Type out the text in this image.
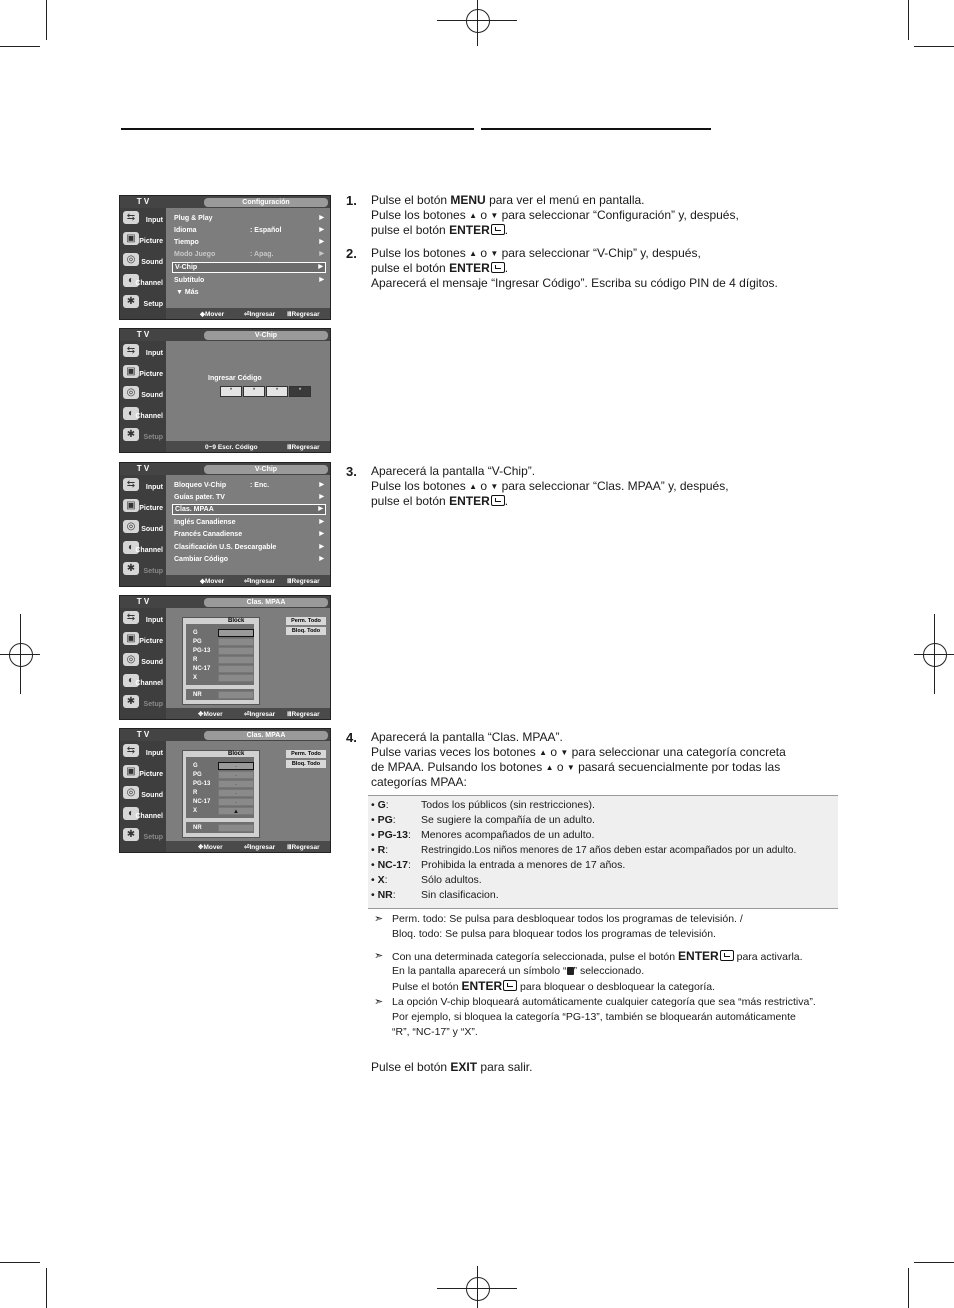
T V	Configuración
⇆	Input
▣ Picture
◎ Sound
◐ Channel
✱	Setup
Plug & Play	▶
Idioma	: Español	▶
Tiempo	▶
Modo Juego	: Apag.	▶
V-Chip	▶
Subtítulo	▶
▼ Más
◆Mover	⏎Ingresar ⅢRegresar
T V	V-Chip
⇆	Input
▣ Picture
◎ Sound
◐ Channel
✱	Setup
Ingresar Código
*	*	*	*
0~9 Escr. Código	ⅢRegresar
T V	V-Chip
⇆	Input
▣ Picture
◎ Sound
◐ Channel
✱	Setup
Bloqueo V-Chip	: Enc.	▶
Guías pater. TV	▶
Clas. MPAA	▶
Inglés Canadiense	▶
Francés Canadiense	▶
Clasificación U.S. Descargable	▶
Cambiar Código	▶
◆Mover	⏎Ingresar ⅢRegresar
T V	Clas. MPAA
⇆	Input
▣ Picture
◎ Sound
◐ Channel
✱	Setup
Block
G
PG
PG-13
R
NC-17
X
NR
Perm. Todo
Bloq. Todo
✥Mover	⏎Ingresar ⅢRegresar
T V	Clas. MPAA
⇆	Input
▣ Picture
◎ Sound
◐ Channel
✱	Setup
Block
G
PG
PG-13
R
NC-17
X
·
·
·
·
·
▲
NR
Perm. Todo
Bloq. Todo
✥Mover	⏎Ingresar ⅢRegresar
1. Pulse el botón MENU para ver el menú en pantalla.
Pulse los botones ▲ o ▼ para seleccionar “Configuración” y, después,
pulse el botón ENTER .
2. Pulse los botones ▲ o ▼ para seleccionar “V-Chip” y, después,
pulse el botón ENTER .
Aparecerá el mensaje “Ingresar Código”. Escriba su código PIN de 4 dígitos.
3. Aparecerá la pantalla “V-Chip”.
Pulse los botones ▲ o ▼ para seleccionar “Clas. MPAA” y, después,
pulse el botón ENTER .
4. Aparecerá la pantalla “Clas. MPAA”.
Pulse varias veces los botones ▲ o ▼ para seleccionar una categoría concreta
de MPAA. Pulsando los botones ▲ o ▼ pasará secuencialmente por todas las
categorías MPAA:
• G:	Todos los públicos (sin restricciones).
• PG: Se sugiere la compañía de un adulto.
• PG-13: Menores acompañados de un adulto.
• R:	Restringido.Los niños menores de 17 años deben estar acompañados por un adulto.
• NC-17: Prohibida la entrada a menores de 17 años.
• X:	Sólo adultos.
• NR: Sin clasificacion.
➣ Perm. todo: Se pulsa para desbloquear todos los programas de televisión. /
Bloq. todo: Se pulsa para bloquear todos los programas de televisión.
➣ Con una determinada categoría seleccionada, pulse el botón ENTER para activarla.
En la pantalla aparecerá un símbolo “ ” seleccionado.
Pulse el botón ENTER para bloquear o desbloquear la categoría.
➣ La opción V-chip bloqueará automáticamente cualquier categoría que sea “más restrictiva”.
Por ejemplo, si bloquea la categoría “PG-13”, también se bloquearán automáticamente
“R”, “NC-17” y “X”.
Pulse el botón EXIT para salir.
